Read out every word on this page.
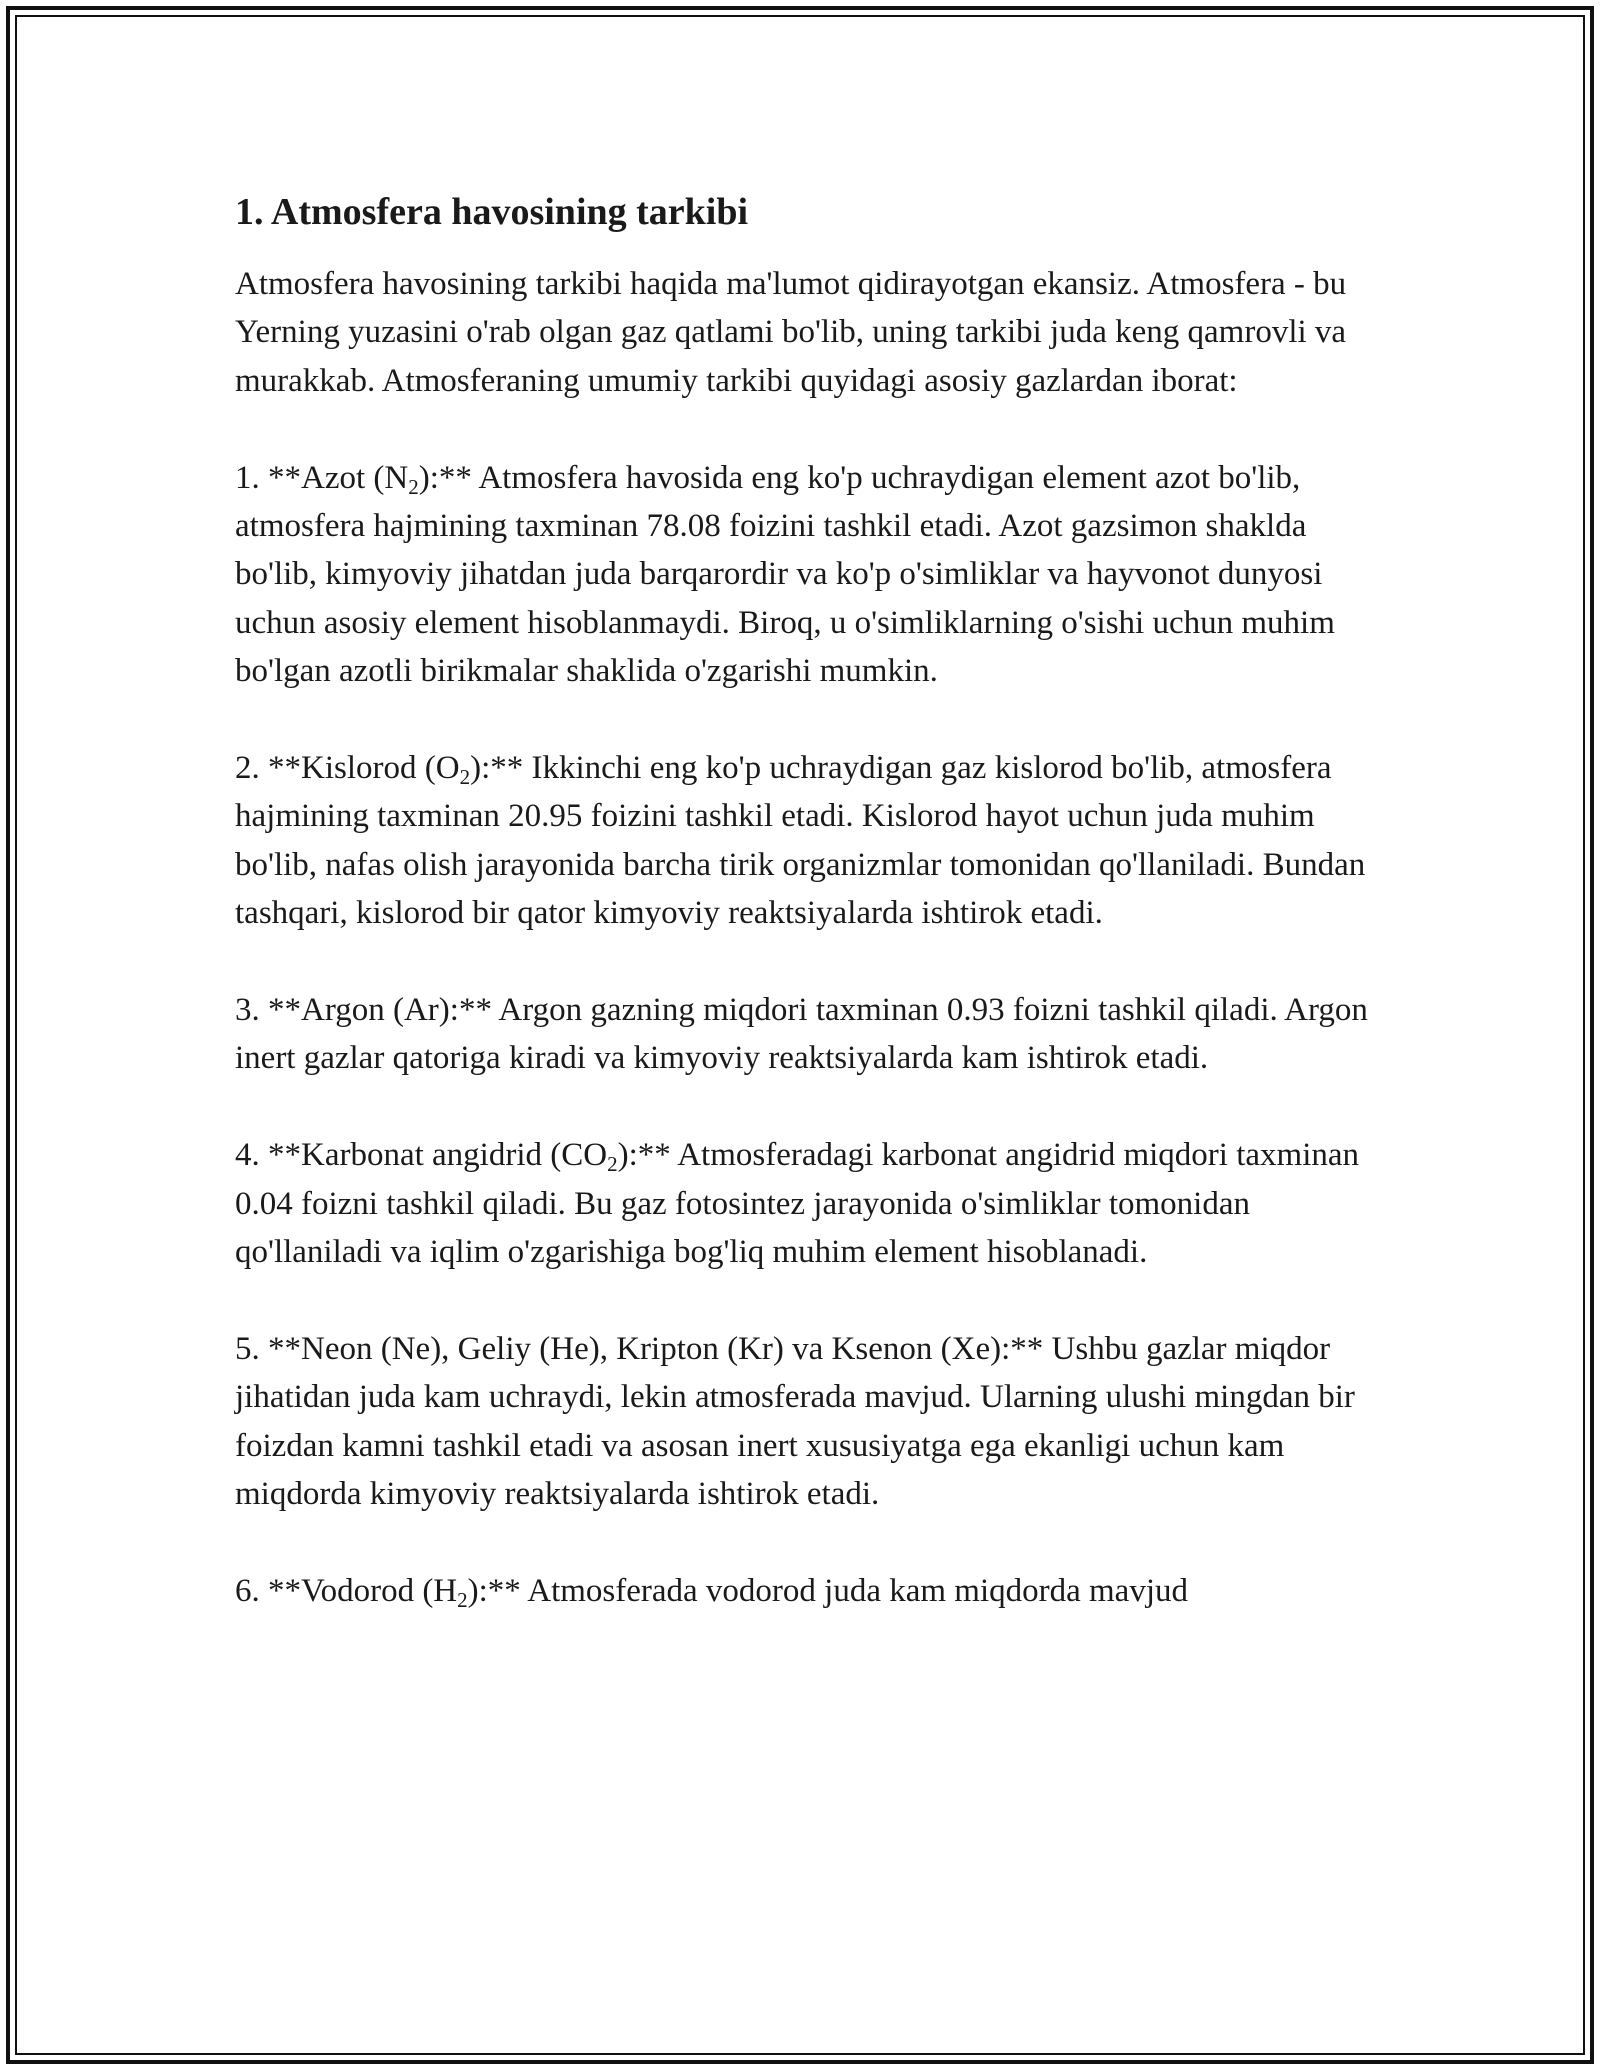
1. Atmosfera havosining tarkibi

Atmosfera havosining tarkibi haqida ma'lumot qidirayotgan ekansiz. Atmosfera - bu Yerning yuzasini o'rab olgan gaz qatlami bo'lib, uning tarkibi juda keng qamrovli va murakkab. Atmosferaning umumiy tarkibi quyidagi asosiy gazlardan iborat:

1. **Azot $(N_2):**$ Atmosfera havosida eng ko'p uchraydigan element azot bo'lib, atmosfera hajmining taxminan 78.08 foizini tashkil etadi. Azot gazsimon shaklda bo'lib, kimyoviy jihatdan juda barqarordir va ko'p o'simliklar va hayvonot dunyosi uchun asosiy element hisoblanmaydi. Biroq, u o'simliklarning o'sishi uchun muhim bo'lgan azotli birikmalar shaklida o'zgarishi mumkin.

2. **Kislorod $(O_2):**$ Ikkinchi eng ko'p uchraydigan gaz kislorod bo'lib, atmosfera hajmining taxminan 20.95 foizini tashkil etadi. Kislorod hayot uchun juda muhim bo'lib, nafas olish jarayonida barcha tirik organizmlar tomonidan qo'llaniladi. Bundan tashqari, kislorod bir qator kimyoviy reaktsiyalarda ishtirok etadi.

3. **Argon (Ar):** Argon gazning miqdori taxminan 0.93 foizni tashkil qiladi. Argon inert gazlar qatoriga kiradi va kimyoviy reaktsiyalarda kam ishtirok etadi.

4. **Karbonat angidrid $(CO_2):**$ Atmosferadagi karbonat angidrid miqdori taxminan 0.04 foizni tashkil qiladi. Bu gaz fotosintez jarayonida o'simliklar tomonidan qo'llaniladi va iqlim o'zgarishiga bog'liq muhim element hisoblanadi.

5. **Neon (Ne), Geliy (He), Kripton (Kr) va Ksenon (Xe):** Ushbu gazlar miqdor jihatidan juda kam uchraydi, lekin atmosferada mavjud. Ularning ulushi mingdan bir foizdan kamni tashkil etadi va asosan inert xususiyatga ega ekanligi uchun kam miqdorda kimyoviy reaktsiyalarda ishtirok etadi.

6. **Vodorod $(H_2):**$ Atmosferada vodorod juda kam miqdorda mavjud
